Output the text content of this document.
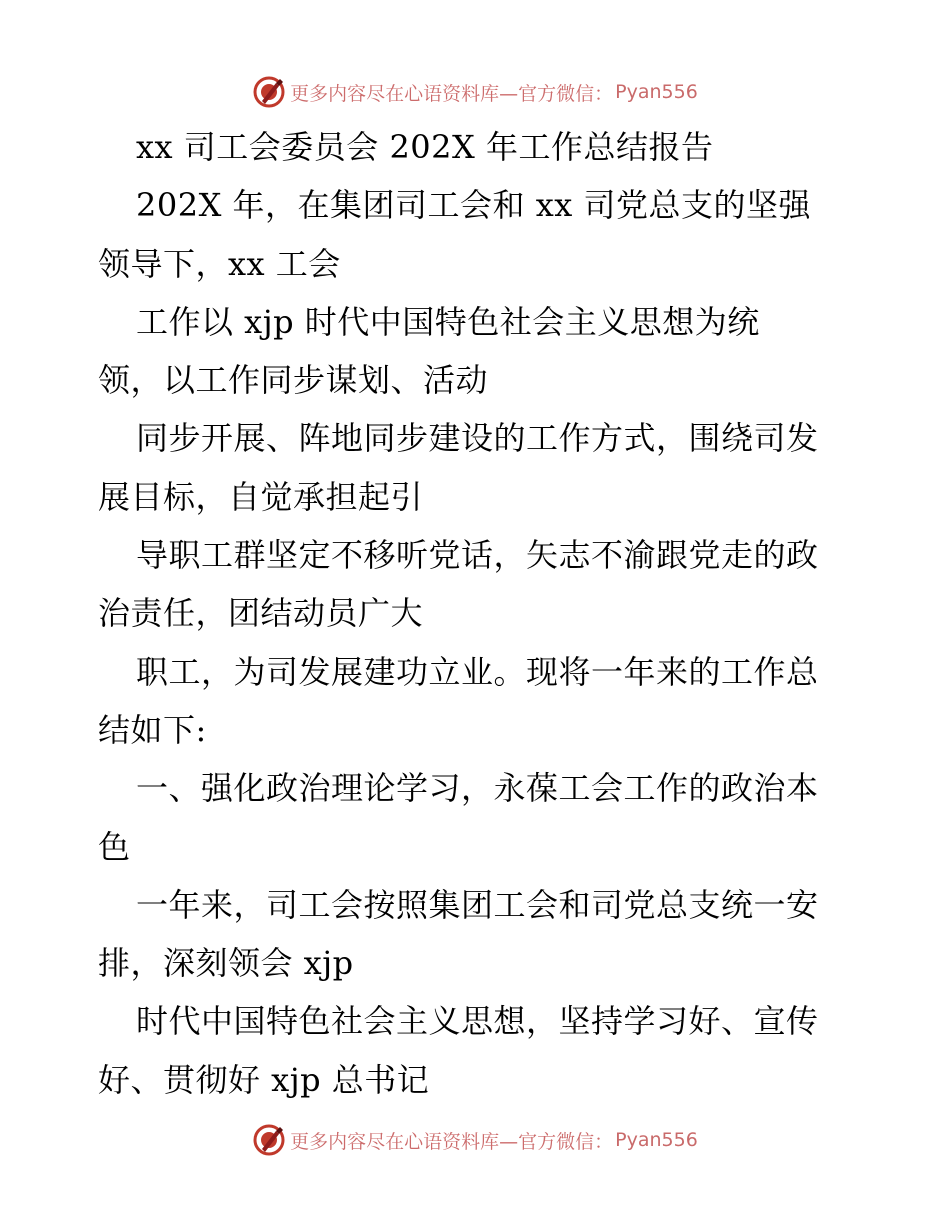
更多内容尽在心语资料库—官方微信： Pyan556
xx 司工会委员会 202X 年工作总结报告
202X 年，在集团司工会和 xx 司党总支的坚强
领导下，xx 工会
工作以 xjp 时代中国特色社会主义思想为统
领，以工作同步谋划、活动
同步开展、阵地同步建设的工作方式，围绕司发
展目标，自觉承担起引
导职工群坚定不移听党话，矢志不渝跟党走的政
治责任，团结动员广大
职工，为司发展建功立业。现将一年来的工作总
结如下:
一、强化政治理论学习，永葆工会工作的政治本
色
一年来，司工会按照集团工会和司党总支统一安
排，深刻领会 xjp
时代中国特色社会主义思想，坚持学习好、宣传
好、贯彻好 xjp 总书记
更多内容尽在心语资料库—官方微信： Pyan556
